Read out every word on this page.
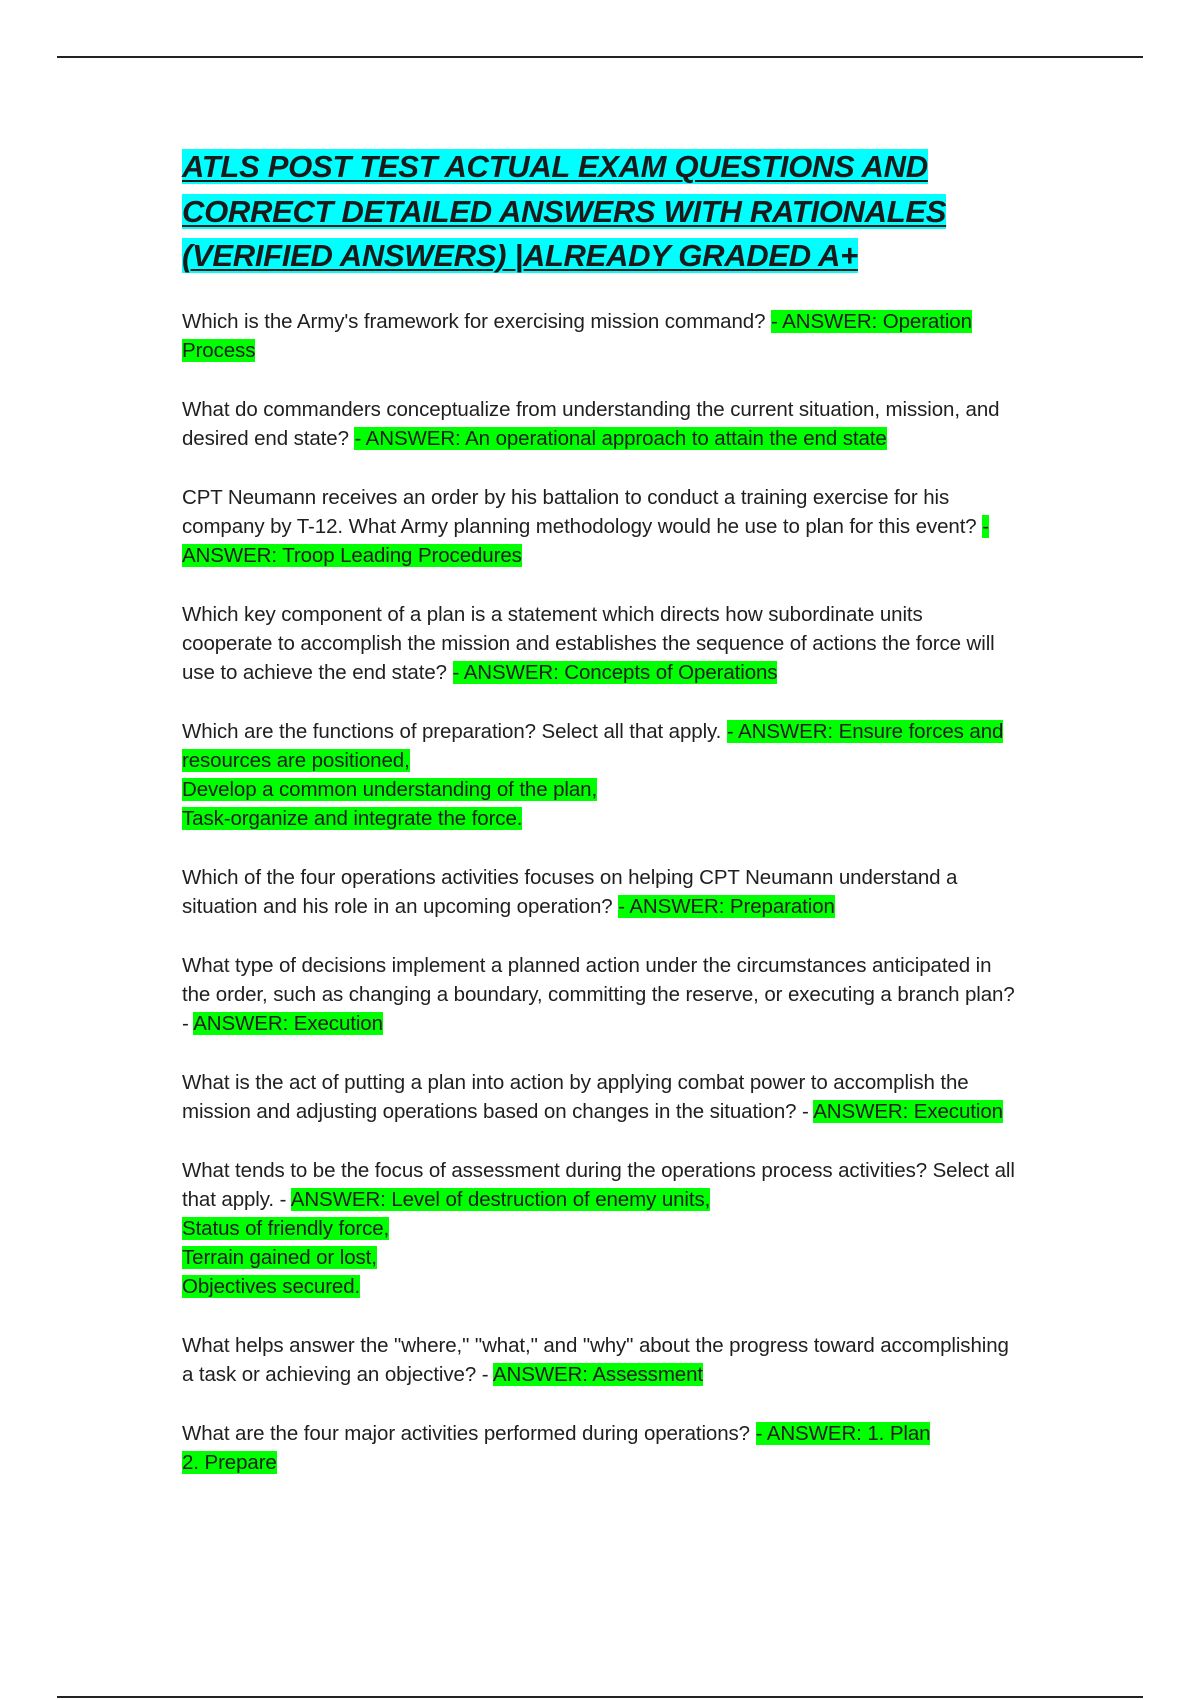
ATLS POST TEST ACTUAL EXAM QUESTIONS AND CORRECT DETAILED ANSWERS WITH RATIONALES (VERIFIED ANSWERS) |ALREADY GRADED A+

Which is the Army's framework for exercising mission command? - ANSWER: Operation Process

What do commanders conceptualize from understanding the current situation, mission, and desired end state? - ANSWER: An operational approach to attain the end state

CPT Neumann receives an order by his battalion to conduct a training exercise for his company by T-12. What Army planning methodology would he use to plan for this event? - ANSWER: Troop Leading Procedures

Which key component of a plan is a statement which directs how subordinate units cooperate to accomplish the mission and establishes the sequence of actions the force will use to achieve the end state? - ANSWER: Concepts of Operations

Which are the functions of preparation? Select all that apply. - ANSWER: Ensure forces and resources are positioned,
Develop a common understanding of the plan,
Task-organize and integrate the force.

Which of the four operations activities focuses on helping CPT Neumann understand a situation and his role in an upcoming operation? - ANSWER: Preparation

What type of decisions implement a planned action under the circumstances anticipated in the order, such as changing a boundary, committing the reserve, or executing a branch plan? - ANSWER: Execution

What is the act of putting a plan into action by applying combat power to accomplish the mission and adjusting operations based on changes in the situation? - ANSWER: Execution

What tends to be the focus of assessment during the operations process activities? Select all that apply. - ANSWER: Level of destruction of enemy units,
Status of friendly force,
Terrain gained or lost,
Objectives secured.

What helps answer the "where," "what," and "why" about the progress toward accomplishing a task or achieving an objective? - ANSWER: Assessment

What are the four major activities performed during operations? - ANSWER: 1. Plan
2. Prepare
